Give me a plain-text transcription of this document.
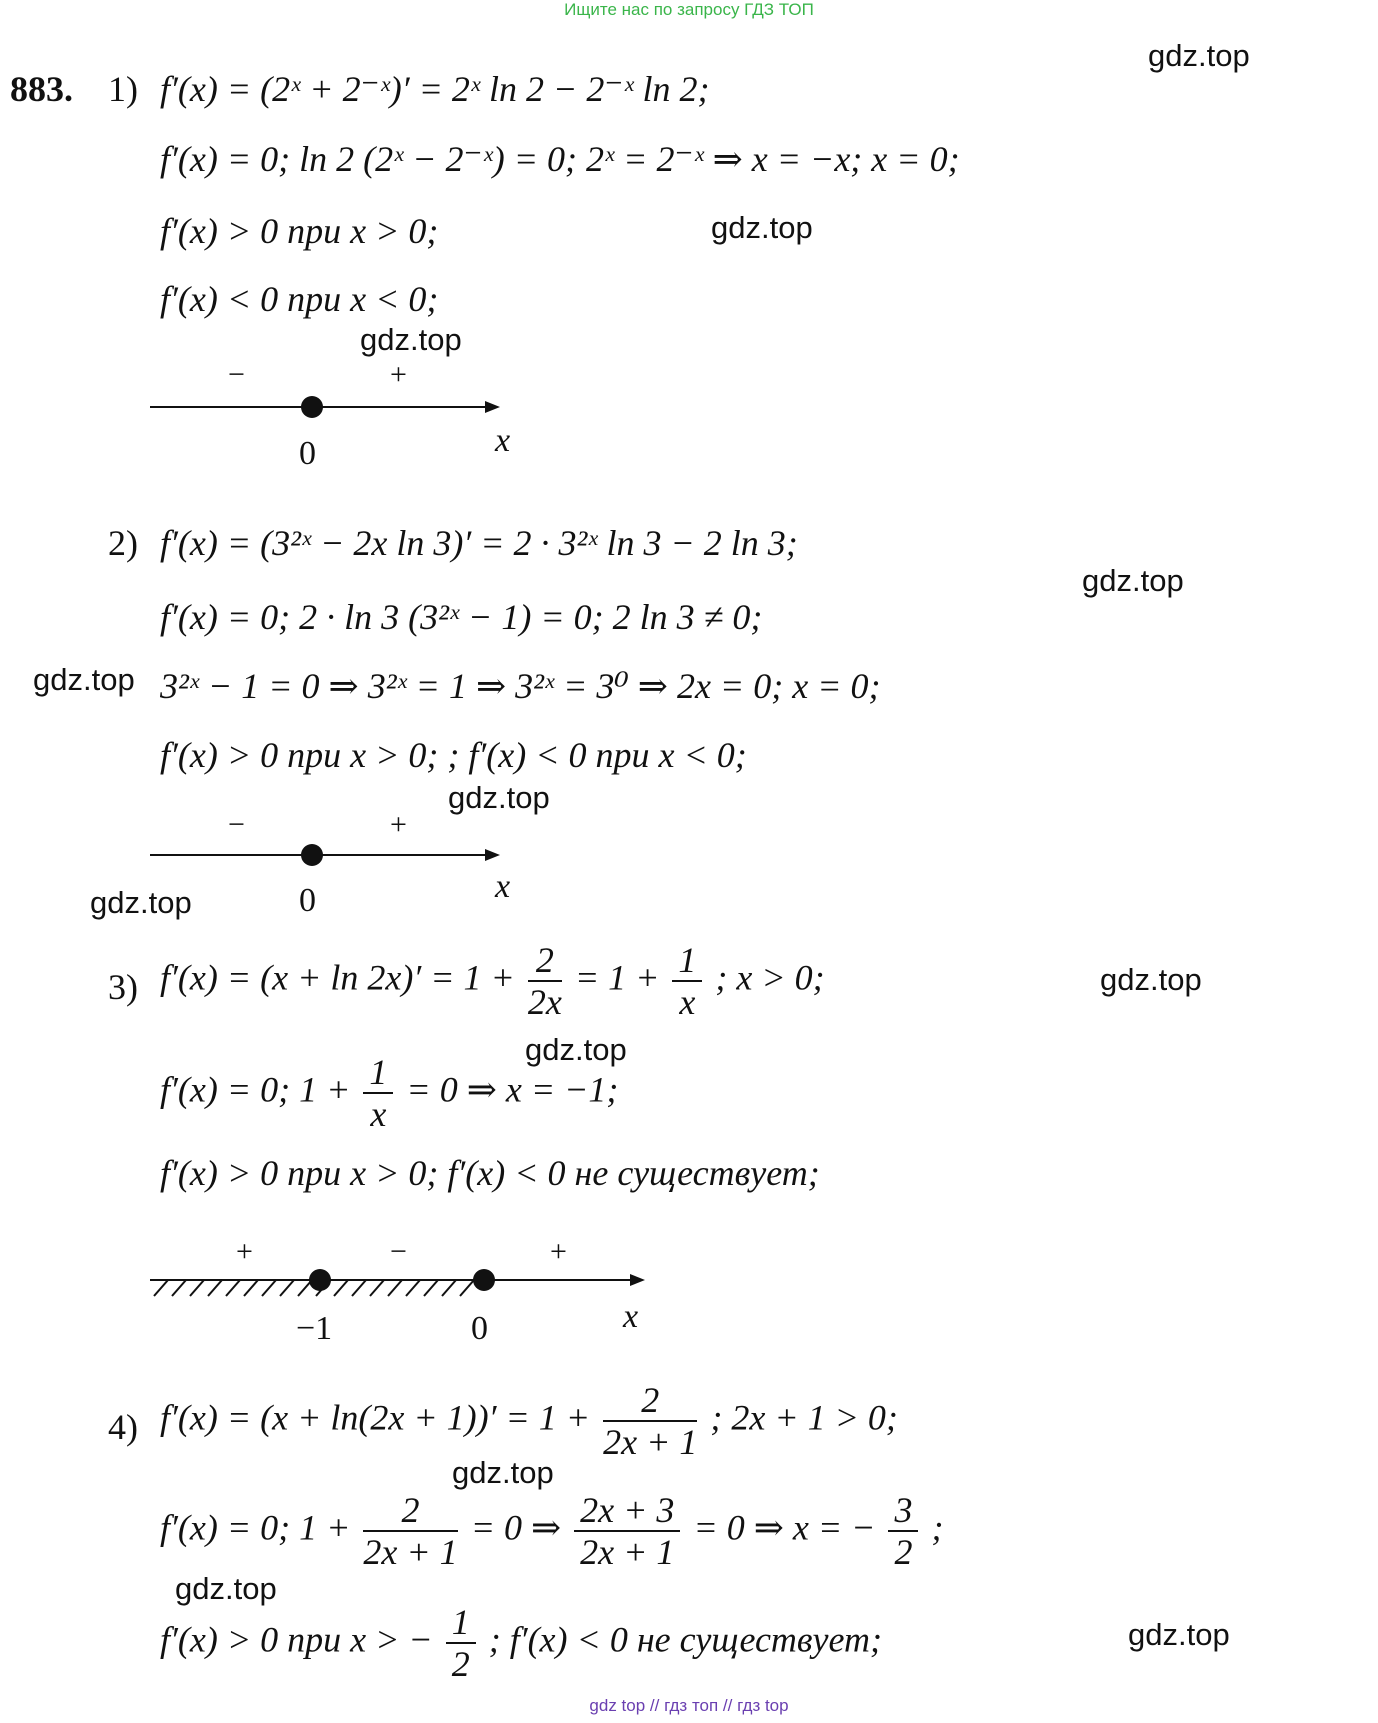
Ищите нас по запросу ГДЗ ТОП
gdz top // гдз топ // гдз top
gdz.top
gdz.top
gdz.top
gdz.top
gdz.top
gdz.top
gdz.top
gdz.top
gdz.top
gdz.top
gdz.top
gdz.top
883. 1) f′(x) = (2ˣ + 2⁻ˣ)′ = 2ˣ ln 2 − 2⁻ˣ ln 2;
f′(x) = 0; ln 2 (2ˣ − 2⁻ˣ) = 0; 2ˣ = 2⁻ˣ ⇒ x = −x; x = 0;
f′(x) > 0 при x > 0;
f′(x) < 0 при x < 0;
−	+
0	x
2) f′(x) = (3²ˣ − 2x ln 3)′ = 2 · 3²ˣ ln 3 − 2 ln 3;
f′(x) = 0; 2 · ln 3 (3²ˣ − 1) = 0; 2 ln 3 ≠ 0;
3²ˣ − 1 = 0 ⇒ 3²ˣ = 1 ⇒ 3²ˣ = 3⁰ ⇒ 2x = 0; x = 0;
f′(x) > 0 при x > 0; ; f′(x) < 0 при x < 0;
−	+
0	x
3) $f'(x) = (x + \ln 2x)' = 1 + \frac{2}{2x} = 1 + \frac{1}{x}$ ; x > 0;
f′(x) = 0; $1 + \frac{1}{x} = 0$ ⇒ x = −1;
f′(x) > 0 при x > 0; f′(x) < 0 не существует;
+	−	+
−1	0	x
4) $f'(x) = (x + \ln(2x + 1))' = 1 + \frac{2}{2x + 1}$ ; 2x + 1 > 0;
f′(x) = 0; $1 + \frac{2}{2x + 1} = 0$ ⇒ $\frac{2x + 3}{2x + 1} = 0$ ⇒ x = − $\frac{3}{2}$ ;
f′(x) > 0 при x > − $\frac{1}{2}$ ; f′(x) < 0 не существует;
